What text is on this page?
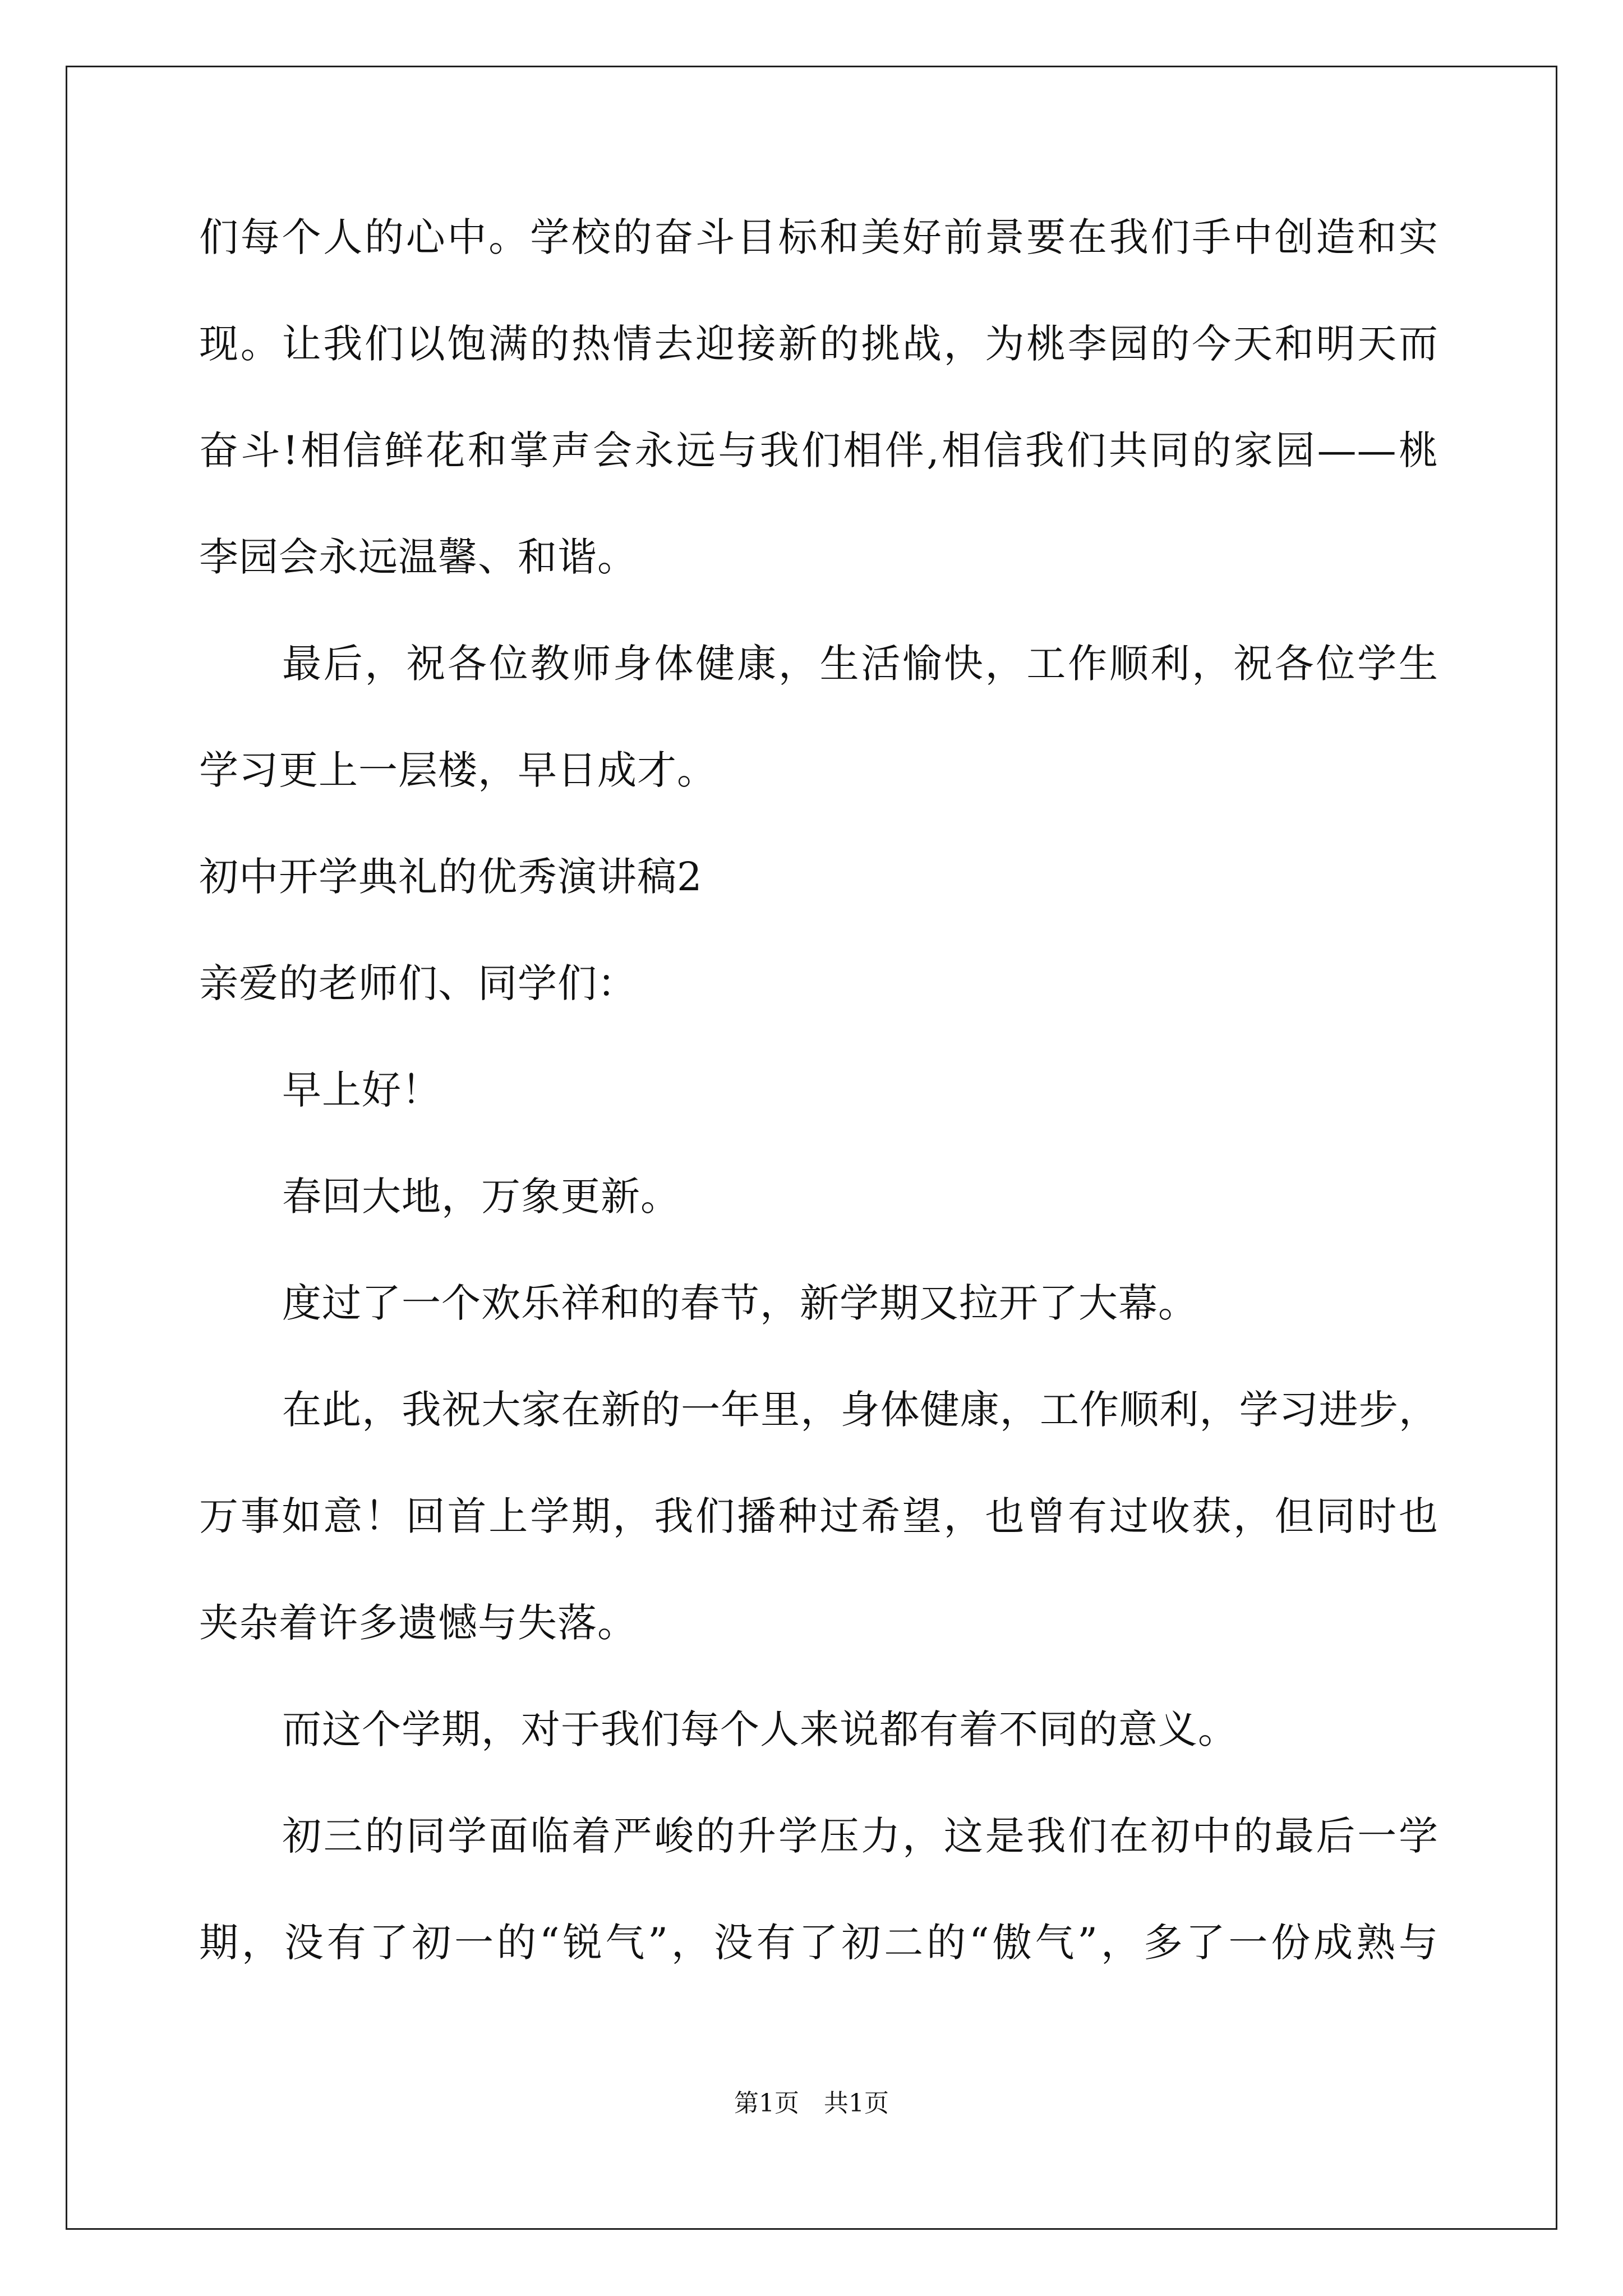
们每个人的心中。学校的奋斗目标和美好前景要在我们手中创造和实
现。让我们以饱满的热情去迎接新的挑战，为桃李园的今天和明天而
奋斗!相信鲜花和掌声会永远与我们相伴,相信我们共同的家园——桃
李园会永远温馨、和谐。
最后，祝各位教师身体健康，生活愉快，工作顺利，祝各位学生
学习更上一层楼，早日成才。
初中开学典礼的优秀演讲稿2
亲爱的老师们、同学们：
早上好！
春回大地，万象更新。
度过了一个欢乐祥和的春节，新学期又拉开了大幕。
在此，我祝大家在新的一年里，身体健康，工作顺利，学习进步，
万事如意！回首上学期，我们播种过希望，也曾有过收获，但同时也
夹杂着许多遗憾与失落。
而这个学期，对于我们每个人来说都有着不同的意义。
初三的同学面临着严峻的升学压力，这是我们在初中的最后一学
期，没有了初一的“锐气”，没有了初二的“傲气”，多了一份成熟与
第1页　共1页
